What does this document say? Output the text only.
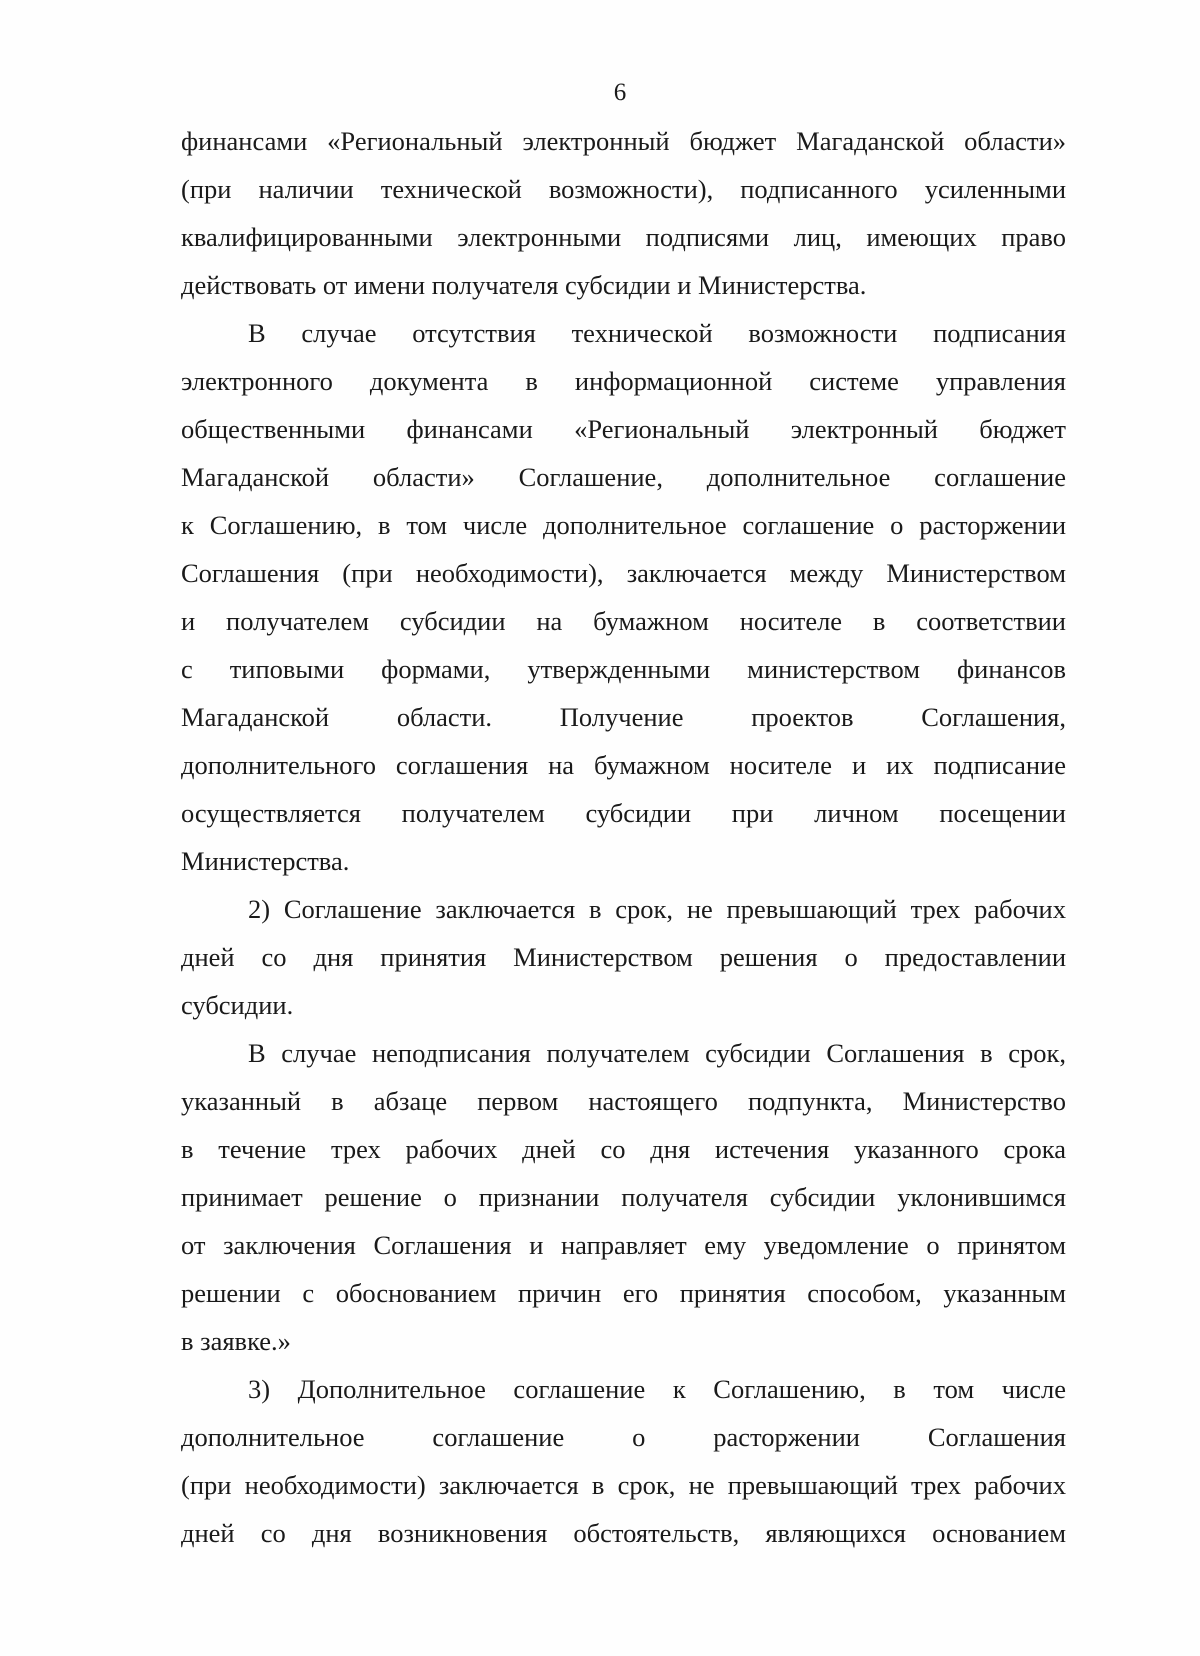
6
финансами «Региональный электронный бюджет Магаданской области»
(при наличии технической возможности), подписанного усиленными
квалифицированными электронными подписями лиц, имеющих право
действовать от имени получателя субсидии и Министерства.
В случае отсутствия технической возможности подписания
электронного документа в информационной системе управления
общественными финансами «Региональный электронный бюджет
Магаданской области» Соглашение, дополнительное соглашение
к Соглашению, в том числе дополнительное соглашение о расторжении
Соглашения (при необходимости), заключается между Министерством
и получателем субсидии на бумажном носителе в соответствии
с типовыми формами, утвержденными министерством финансов
Магаданской области. Получение проектов Соглашения,
дополнительного соглашения на бумажном носителе и их подписание
осуществляется получателем субсидии при личном посещении
Министерства.
2) Соглашение заключается в срок, не превышающий трех рабочих
дней со дня принятия Министерством решения о предоставлении
субсидии.
В случае неподписания получателем субсидии Соглашения в срок,
указанный в абзаце первом настоящего подпункта, Министерство
в течение трех рабочих дней со дня истечения указанного срока
принимает решение о признании получателя субсидии уклонившимся
от заключения Соглашения и направляет ему уведомление о принятом
решении с обоснованием причин его принятия способом, указанным
в заявке.»
3) Дополнительное соглашение к Соглашению, в том числе
дополнительное соглашение о расторжении Соглашения
(при необходимости) заключается в срок, не превышающий трех рабочих
дней со дня возникновения обстоятельств, являющихся основанием
